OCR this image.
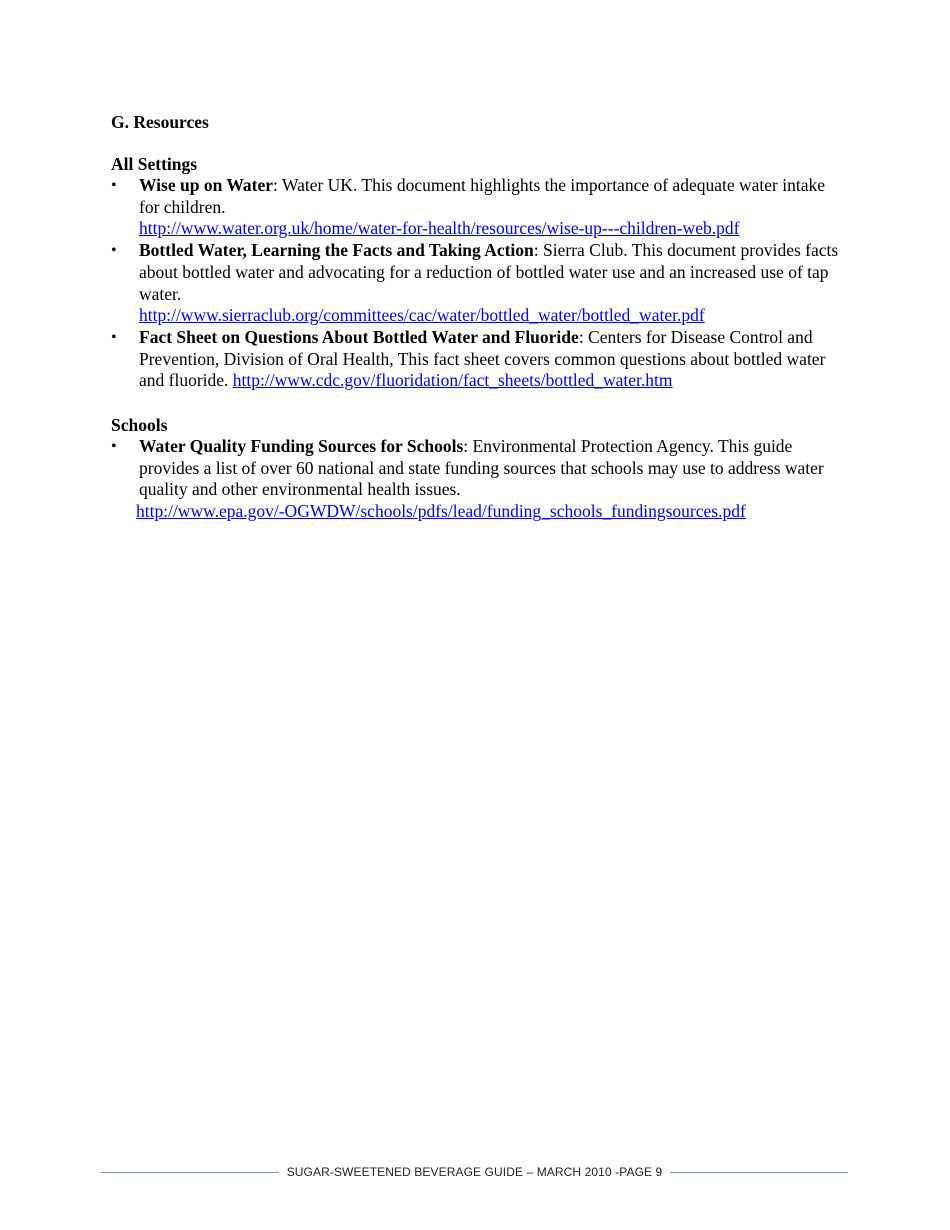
G. Resources
All Settings
•	Wise up on Water: Water UK. This document highlights the importance of adequate water intake for children.
http://www.water.org.uk/home/water-for-health/resources/wise-up---children-web.pdf
•	Bottled Water, Learning the Facts and Taking Action: Sierra Club. This document provides facts about bottled water and advocating for a reduction of bottled water use and an increased use of tap water.
http://www.sierraclub.org/committees/cac/water/bottled_water/bottled_water.pdf
•	Fact Sheet on Questions About Bottled Water and Fluoride: Centers for Disease Control and Prevention, Division of Oral Health, This fact sheet covers common questions about bottled water and fluoride. http://www.cdc.gov/fluoridation/fact_sheets/bottled_water.htm
Schools
•	Water Quality Funding Sources for Schools: Environmental Protection Agency. This guide provides a list of over 60 national and state funding sources that schools may use to address water quality and other environmental health issues.
http://www.epa.gov/-OGWDW/schools/pdfs/lead/funding_schools_fundingsources.pdf
SUGAR-SWEETENED BEVERAGE GUIDE – MARCH 2010 -PAGE 9
